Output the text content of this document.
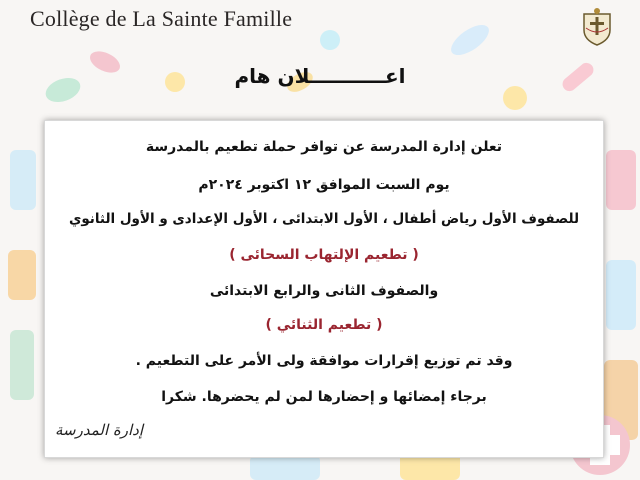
Collège de La Sainte Famille
اعـــــــــــلان هام
تعلن إدارة المدرسة عن توافر حملة تطعيم بالمدرسة
يوم السبت الموافق ١٢ اكتوبر ٢٠٢٤م
للصفوف الأول رياض أطفال ، الأول الابتدائى ، الأول الإعدادى و الأول الثانوي
( تطعيم الإلتهاب السحائى )
والصفوف الثانى والرابع الابتدائى
( تطعيم الثنائي )
وقد تم توزيع إقرارات موافقة ولى الأمر على التطعيم .
برجاء إمضائها و إحضارها لمن لم يحضرها. شكرا
إدارة المدرسة
